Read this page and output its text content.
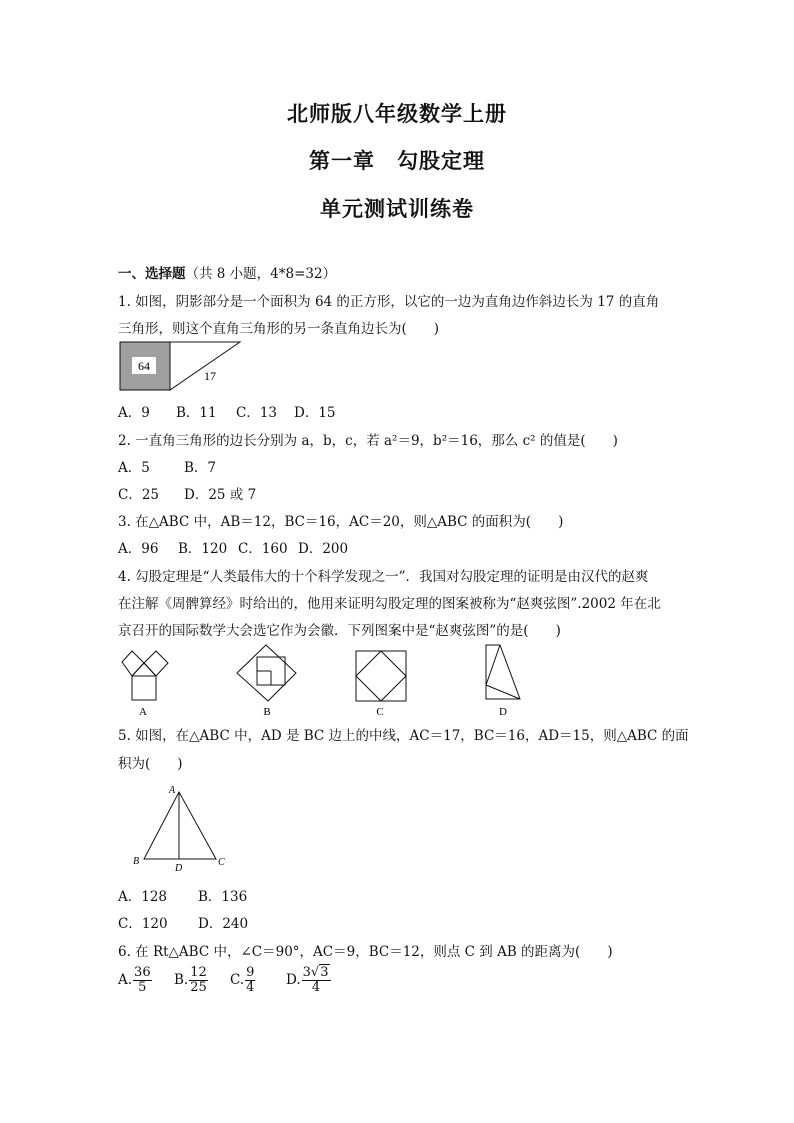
北师版八年级数学上册
第一章　勾股定理
单元测试训练卷
一、选择题（共 8 小题，4*8=32）
1. 如图，阴影部分是一个面积为 64 的正方形，以它的一边为直角边作斜边长为 17 的直角
三角形，则这个直角三角形的另一条直角边长为(　　)
64
17
A．9 B．11 C．13 D．15
2. 一直角三角形的边长分别为 a，b，c，若 a²＝9，b²＝16，那么 c² 的值是(　　)
A．5	B．7
C．25 D．25 或 7
3. 在△ABC 中，AB＝12，BC＝16，AC＝20，则△ABC 的面积为(　　)
A．96 B．120 C．160 D．200
4. 勾股定理是“人类最伟大的十个科学发现之一”．我国对勾股定理的证明是由汉代的赵爽
在注解《周髀算经》时给出的，他用来证明勾股定理的图案被称为“赵爽弦图”.2002 年在北
京召开的国际数学大会选它作为会徽．下列图案中是“赵爽弦图”的是(　　)
A	B	C	D
5. 如图，在△ABC 中，AD 是 BC 边上的中线，AC＝17，BC＝16，AD＝15，则△ABC 的面
积为(　　)
A
B
D
C
A．128 B．136
C．120 D．240
6. 在 Rt△ABC 中，∠C＝90°，AC＝9，BC＝12，则点 C 到 AB 的距离为(　　)
A. $\frac{36}{5} B$. $\frac{12}{25} C$. $\frac{9}{4} D$. $\frac{3√3}{4}$
